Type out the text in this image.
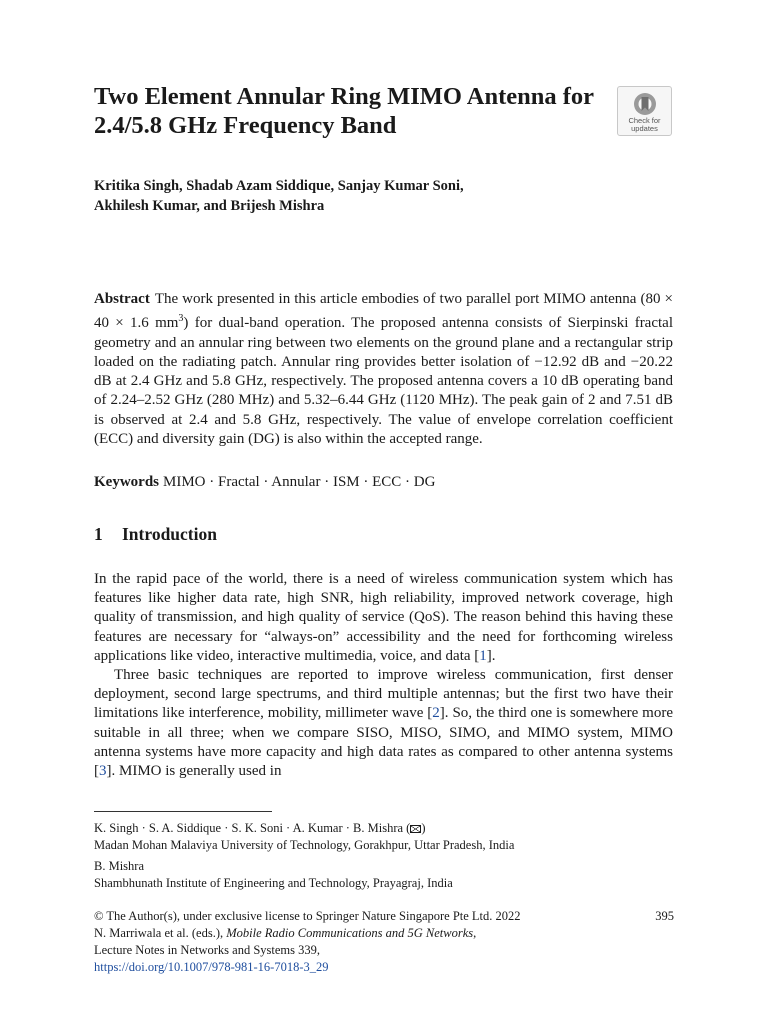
Two Element Annular Ring MIMO Antenna for 2.4/5.8 GHz Frequency Band	Check for
updates
Kritika Singh, Shadab Azam Siddique, Sanjay Kumar Soni,
Akhilesh Kumar, and Brijesh Mishra

Abstract The work presented in this article embodies of two parallel port MIMO antenna (80 × 40 × 1.6 $mm^3$) for dual-band operation. The proposed antenna consists of Sierpinski fractal geometry and an annular ring between two elements on the ground plane and a rectangular strip loaded on the radiating patch. Annular ring provides better isolation of −12.92 dB and −20.22 dB at 2.4 GHz and 5.8 GHz, respectively. The proposed antenna covers a 10 dB operating band of 2.24–2.52 GHz (280 MHz) and 5.32–6.44 GHz (1120 MHz). The peak gain of 2 and 7.51 dB is observed at 2.4 and 5.8 GHz, respectively. The value of envelope correlation coefficient (ECC) and diversity gain (DG) is also within the accepted range.

Keywords MIMO · Fractal · Annular · ISM · ECC · DG

1 Introduction

In the rapid pace of the world, there is a need of wireless communication system which has features like higher data rate, high SNR, high reliability, improved network coverage, high quality of transmission, and high quality of service (QoS). The reason behind this having these features are necessary for “always-on” accessibility and the need for forthcoming wireless applications like video, interactive multimedia, voice, and data [1].

Three basic techniques are reported to improve wireless communication, first denser deployment, second large spectrums, and third multiple antennas; but the first two have their limitations like interference, mobility, millimeter wave [2]. So, the third one is somewhere more suitable in all three; when we compare SISO, MISO, SIMO, and MIMO system, MIMO antenna systems have more capacity and high data rates as compared to other antenna systems [3]. MIMO is generally used in

K. Singh · S. A. Siddique · S. K. Soni · A. Kumar · B. Mishra ( )
Madan Mohan Malaviya University of Technology, Gorakhpur, Uttar Pradesh, India
B. Mishra
Shambhunath Institute of Engineering and Technology, Prayagraj, India
© The Author(s), under exclusive license to Springer Nature Singapore Pte Ltd. 2022	395
N. Marriwala et al. (eds.), Mobile Radio Communications and 5G Networks,
Lecture Notes in Networks and Systems 339,
https://doi.org/10.1007/978-981-16-7018-3_29
